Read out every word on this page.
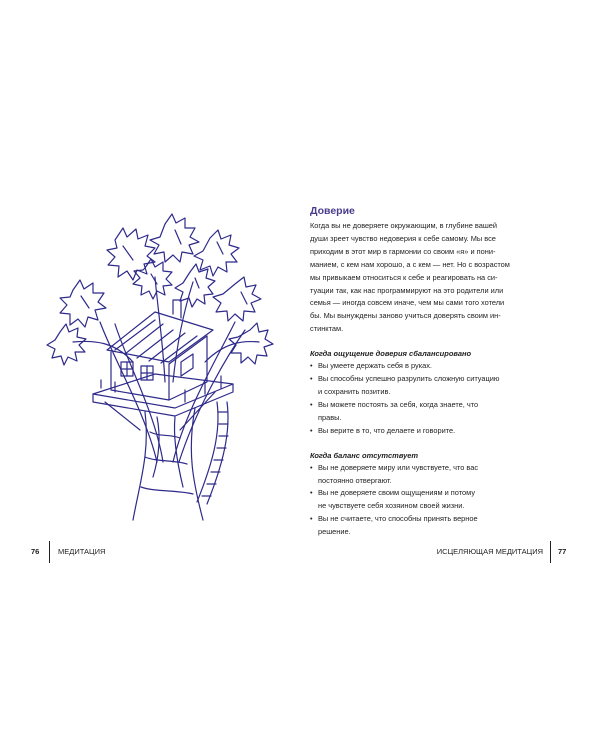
Доверие
Когда вы не доверяете окружающим, в глубине вашей
души зреет чувство недоверия к себе самому. Мы все
приходим в этот мир в гармонии со своим «я» и пони-
манием, с кем нам хорошо, а с кем — нет. Но с возрастом
мы привыкаем относиться к себе и реагировать на си-
туации так, как нас программируют на это родители или
семья — иногда совсем иначе, чем мы сами того хотели
бы. Мы вынуждены заново учиться доверять своим ин-
стинктам.
Когда ощущение доверия сбалансировано
• Вы умеете держать себя в руках.
• Вы способны успешно разрулить сложную ситуацию
и сохранить позитив.
• Вы можете постоять за себя, когда знаете, что
правы.
• Вы верите в то, что делаете и говорите.
Когда баланс отсутствует
• Вы не доверяете миру или чувствуете, что вас
постоянно отвергают.
• Вы не доверяете своим ощущениям и потому
не чувствуете себя хозяином своей жизни.
• Вы не считаете, что способны принять верное
решение.
76 МЕДИТАЦИЯ	ИСЦЕЛЯЮЩАЯ МЕДИТАЦИЯ 77
